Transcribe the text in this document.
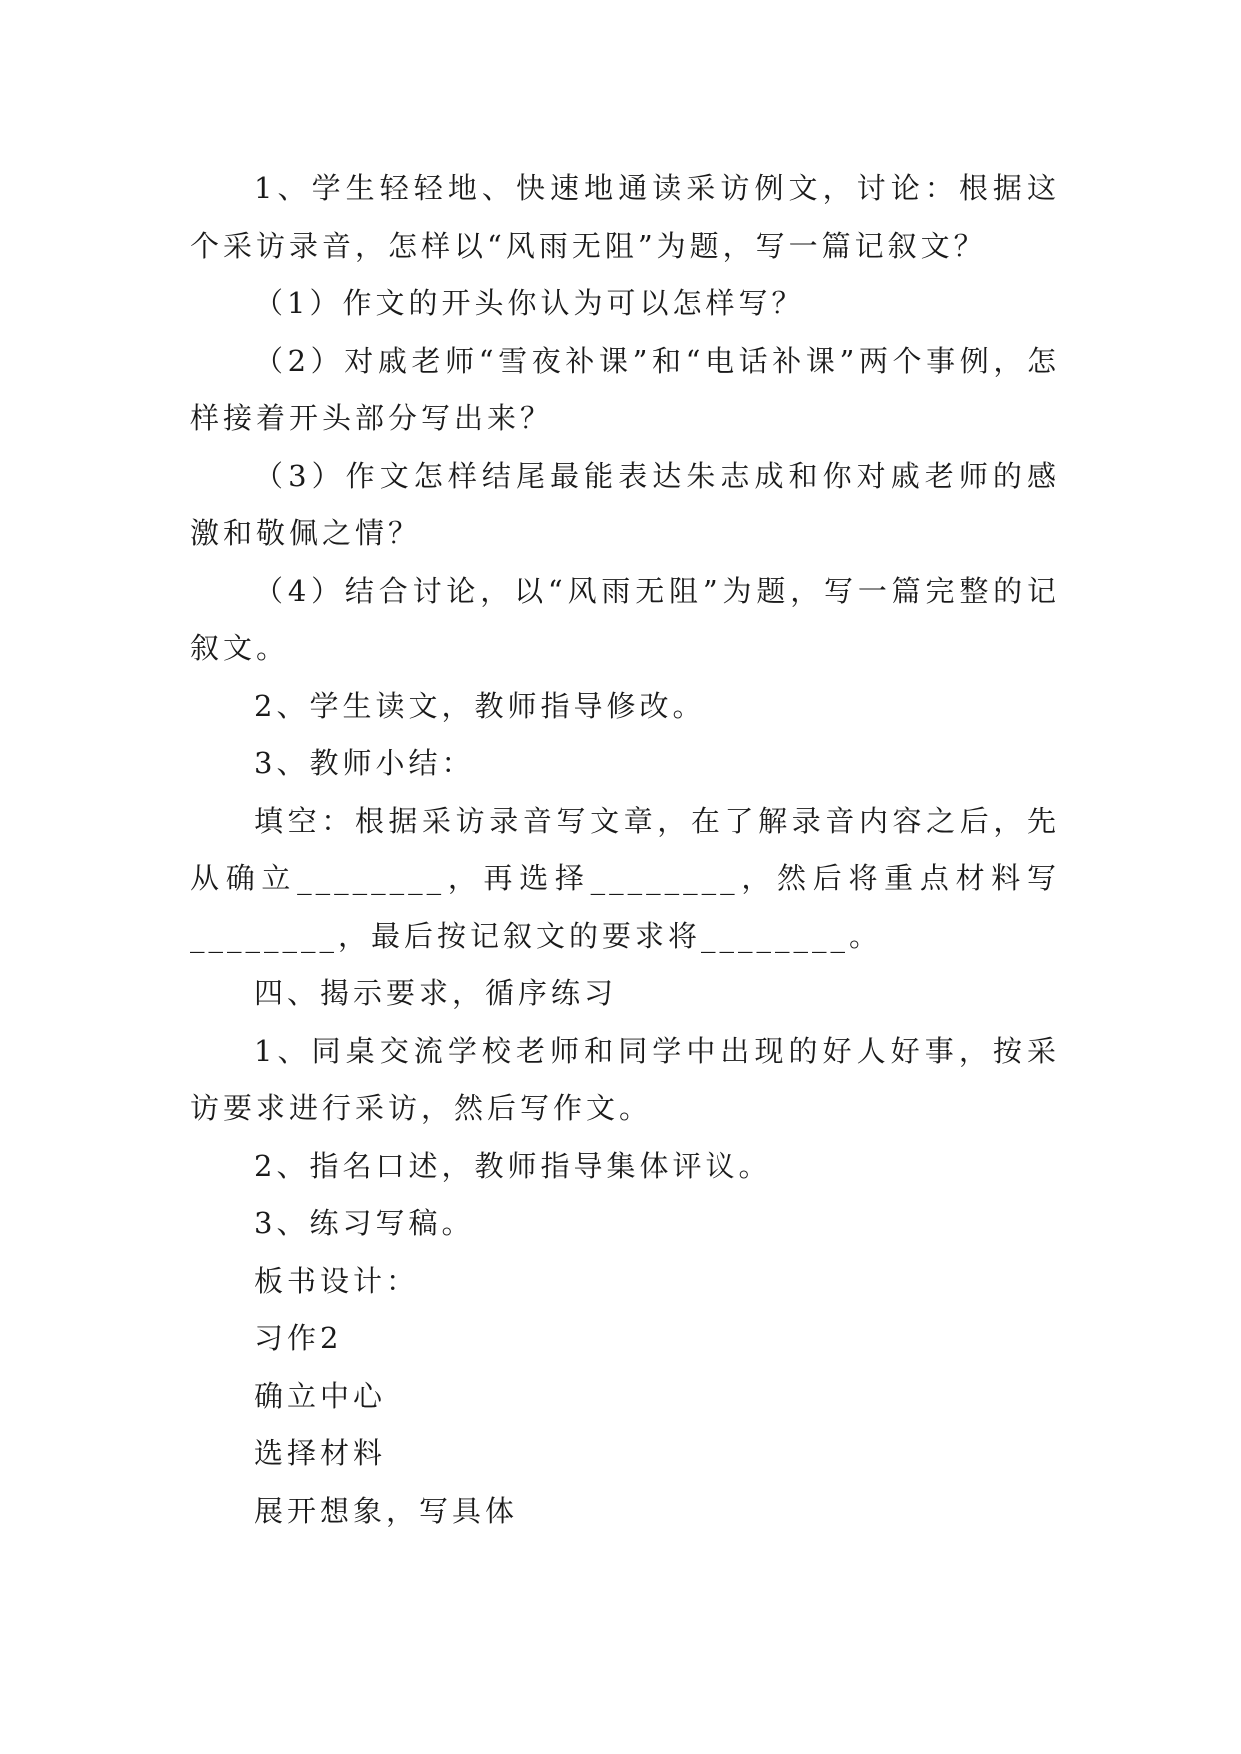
1、学生轻轻地、快速地通读采访例文，讨论：根据这个采访录音，怎样以“风雨无阻”为题，写一篇记叙文？

（1）作文的开头你认为可以怎样写？

（2）对戚老师“雪夜补课”和“电话补课”两个事例，怎样接着开头部分写出来？

（3）作文怎样结尾最能表达朱志成和你对戚老师的感激和敬佩之情？

（4）结合讨论，以“风雨无阻”为题，写一篇完整的记叙文。

2、学生读文，教师指导修改。

3、教师小结：

填空：根据采访录音写文章，在了解录音内容之后，先从确立________，再选择________，然后将重点材料写________，最后按记叙文的要求将________。

四、揭示要求，循序练习

1、同桌交流学校老师和同学中出现的好人好事，按采访要求进行采访，然后写作文。

2、指名口述，教师指导集体评议。

3、练习写稿。

板书设计：

习作2

确立中心

选择材料

展开想象，写具体
